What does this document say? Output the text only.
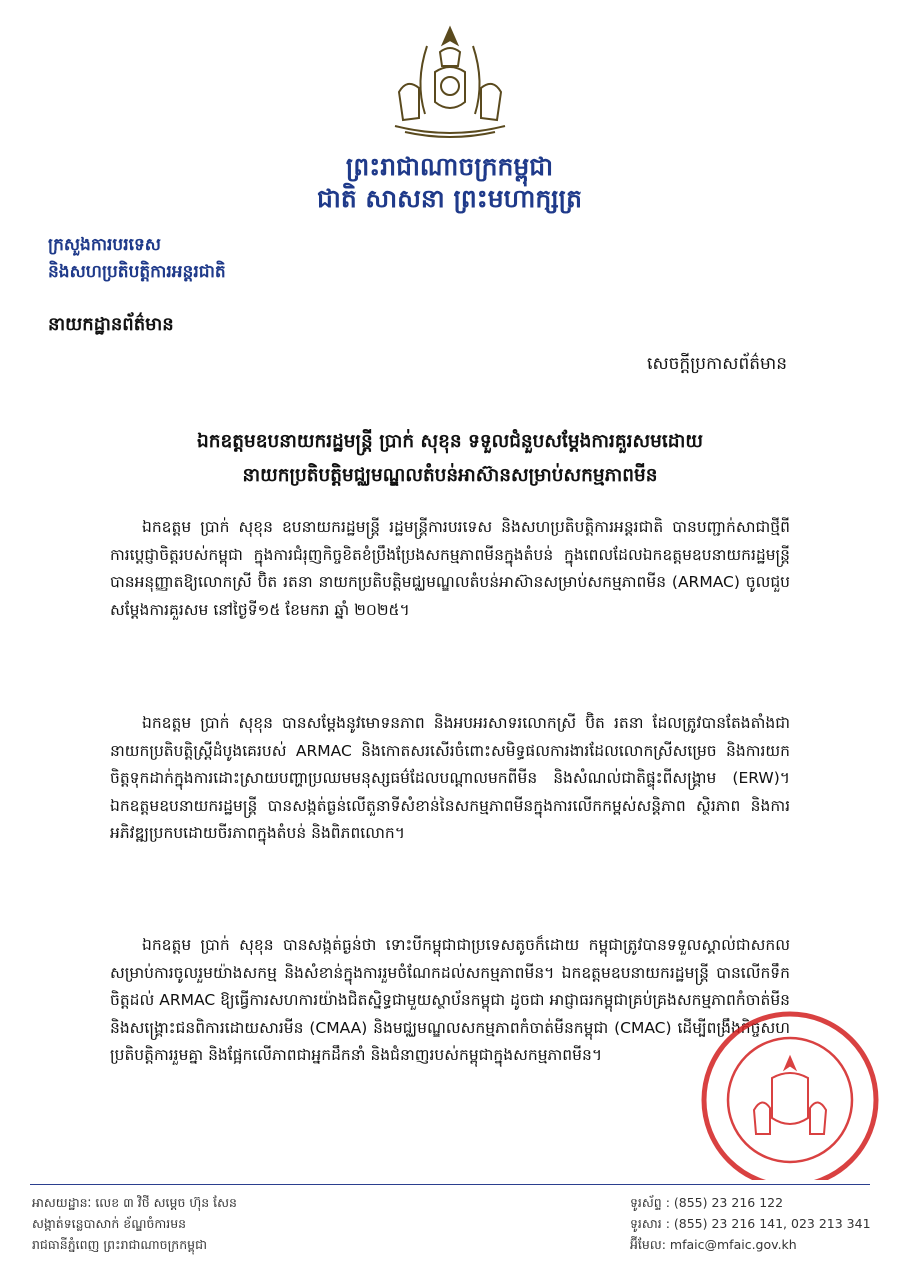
ព្រះរាជាណាចក្រកម្ពុជា
ជាតិ សាសនា ព្រះមហាក្សត្រ
ក្រសួងការបរទេស
និងសហប្រតិបត្តិការអន្តរជាតិ
នាយកដ្ឋានព័ត៌មាន
សេចក្ដីប្រកាសព័ត៌មាន
ឯកឧត្តមឧបនាយករដ្ឋមន្រ្តី ប្រាក់ សុខុន ទទួលជំនួបសម្ដែងការគួរសមដោយ
នាយកប្រតិបត្តិមជ្ឈមណ្ឌលតំបន់អាស៊ានសម្រាប់សកម្មភាពមីន

ឯកឧត្តម ប្រាក់ សុខុន ឧបនាយករដ្ឋមន្ត្រី រដ្ឋមន្ត្រីការបរទេស និងសហប្រតិបត្តិការអន្តរជាតិ បានបញ្ជាក់សាជាថ្មីពីការប្តេជ្ញាចិត្តរបស់កម្ពុជា ក្នុងការជំរុញកិច្ចខិតខំប្រឹងប្រែងសកម្មភាពមីនក្នុងតំបន់ ក្នុងពេលដែលឯកឧត្តមឧបនាយករដ្ឋមន្ត្រីបានអនុញ្ញាតឱ្យលោកស្រី ប៊ិត រតនា នាយកប្រតិបត្តិមជ្ឈមណ្ឌលតំបន់អាស៊ានសម្រាប់សកម្មភាពមីន (ARMAC) ចូលជួបសម្តែងការគួរសម នៅថ្ងៃទី១៥ ខែមករា ឆ្នាំ ២០២៥។

ឯកឧត្តម ប្រាក់ សុខុន បានសម្តែងនូវមោទនភាព និងអបអរសាទរលោកស្រី ប៊ិត រតនា ដែលត្រូវបានតែងតាំងជានាយកប្រតិបត្តិស្រ្តីដំបូងគេរបស់ ARMAC និងកោតសរសើរចំពោះសមិទ្ធផលការងារដែលលោកស្រីសម្រេច និងការយកចិត្តទុកដាក់ក្នុងការដោះស្រាយបញ្ហាប្រឈមមនុស្សធម៌ដែលបណ្ដាលមកពីមីន និងសំណល់ជាតិផ្ទុះពីសង្គ្រាម (ERW)។ ឯកឧត្តមឧបនាយករដ្ឋមន្ត្រី បានសង្កត់ធ្ងន់លើតួនាទីសំខាន់នៃសកម្មភាពមីនក្នុងការលើកកម្ពស់សន្តិភាព ស្ថិរភាព និងការអភិវឌ្ឍប្រកបដោយចីរភាពក្នុងតំបន់ និងពិភពលោក។

ឯកឧត្តម ប្រាក់ សុខុន បានសង្កត់ធ្ងន់ថា ទោះបីកម្ពុជាជាប្រទេសតូចក៏ដោយ កម្ពុជាត្រូវបានទទួលស្គាល់ជាសកលសម្រាប់ការចូលរួមយ៉ាងសកម្ម និងសំខាន់ក្នុងការរួមចំណែកដល់សកម្មភាពមីន។ ឯកឧត្តមឧបនាយករដ្ឋមន្ត្រី បានលើកទឹកចិត្តដល់ ARMAC ឱ្យធ្វើការសហការយ៉ាងជិតស្និទ្ធជាមួយស្ថាប័នកម្ពុជា ដូចជា អាជ្ញាធរកម្ពុជាគ្រប់គ្រងសកម្មភាពកំចាត់មីន និងសង្គ្រោះជនពិការដោយសារមីន (CMAA) និងមជ្ឈមណ្ឌលសកម្មភាពកំចាត់មីនកម្ពុជា (CMAC) ដើម្បីពង្រឹងកិច្ចសហប្រតិបត្តិការរួមគ្នា និងផ្អែកលើភាពជាអ្នកដឹកនាំ និងជំនាញរបស់កម្ពុជាក្នុងសកម្មភាពមីន។

អាសយដ្ឋានៈ លេខ ៣ វិថី សម្ដេច ហ៊ុន សែន
សង្កាត់ទន្លេបាសាក់ ខ័ណ្ឌចំការមន
រាជធានីភ្នំពេញ ព្រះរាជាណាចក្រកម្ពុជា
ទូរស័ព្ទ : (855) 23 216 122
ទូរសារ : (855) 23 216 141, 023 213 341
អ៊ីមែល: mfaic@mfaic.gov.kh
